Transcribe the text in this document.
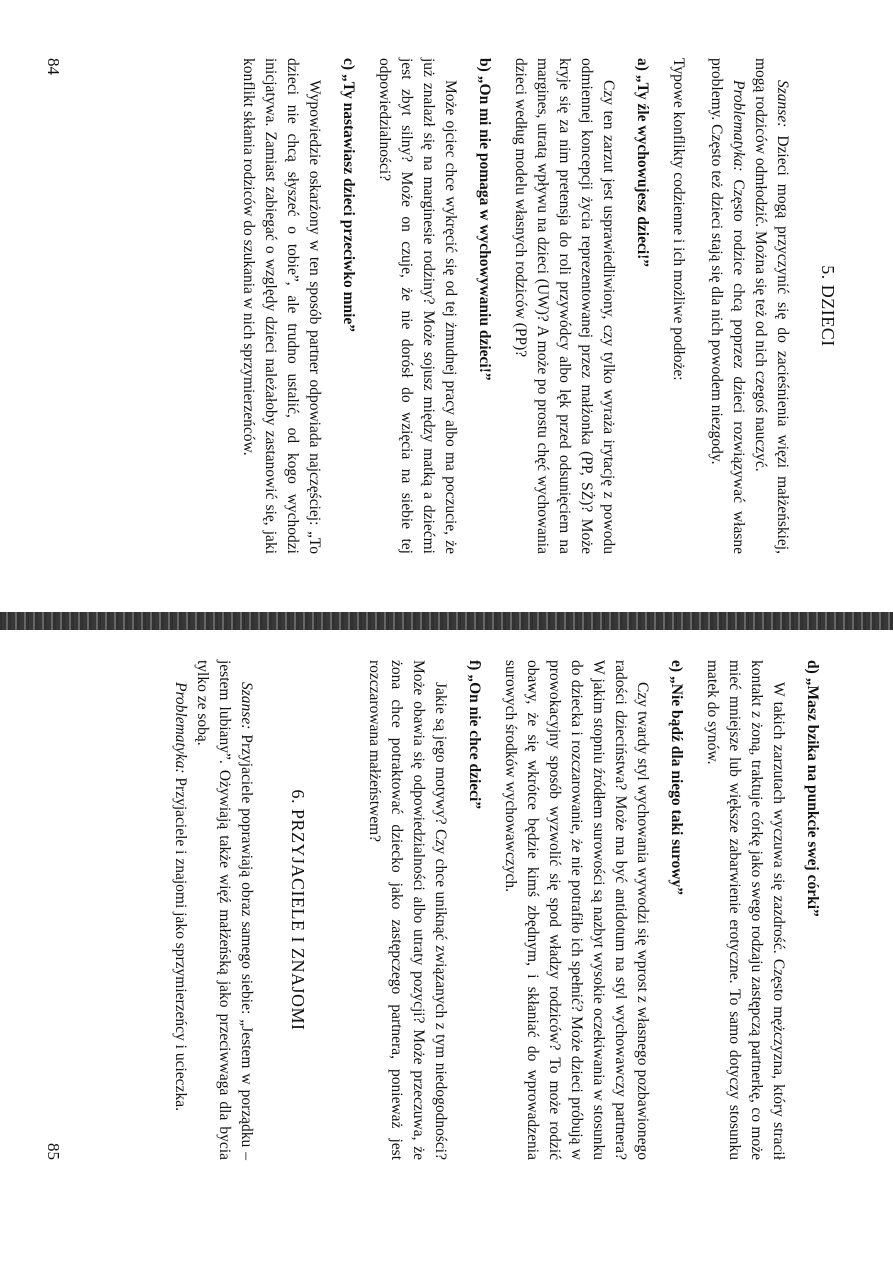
5. DZIECI

Szanse: Dzieci mogą przyczynić się do zacieśnienia więzi małżeńskiej, mogą rodziców odmłodzić. Można się też od nich czegoś nauczyć.

Problematyka: Często rodzice chcą poprzez dzieci rozwiązywać własne problemy. Często też dzieci stają się dla nich powodem niezgody.

Typowe konflikty codzienne i ich możliwe podłoże:

a)„Ty źle wychowujesz dzieci!”

Czy ten zarzut jest usprawiedliwiony, czy tylko wyraża irytację z powodu odmiennej koncepcji życia reprezentowanej przez małżonka (PP, SŻ)? Może kryje się za nim pretensja do roli przywódcy albo lęk przed odsunięciem na margines, utratą wpływu na dzieci (UW)? A może po prostu chęć wychowania dzieci według modelu własnych rodziców (PP)?

b)„On mi nie pomaga w wychowywaniu dzieci!”

Może ojciec chce wykręcić się od tej żmudnej pracy albo ma poczucie, że już znalazł się na marginesie rodziny? Może sojusz między matką a dziećmi jest zbyt silny? Może on czuje, że nie dorósł do wzięcia na siebie tej odpowiedzialności?

c)„Ty nastawiasz dzieci przeciwko mnie”

Wypowiedzie oskarżony w ten sposób partner odpowiada najczęściej: „To dzieci nie chcą słyszeć o tobie”, ale trudno ustalić, od kogo wychodzi inicjatywa. Zamiast zabiegać o względy dzieci należałoby zastanowić się, jaki konflikt skłania rodziców do szukania w nich sprzymierzeńców.

84
d)„Masz bzika na punkcie swej córki”

W takich zarzutach wyczuwa się zazdrość. Często mężczyzna, który stracił kontakt z żoną, traktuje córkę jako swego rodzaju zastępczą partnerkę, co może mieć mniejsze lub większe zabarwienie erotyczne. To samo dotyczy stosunku matek do synów.

e)„Nie bądź dla niego taki surowy”

Czy twardy styl wychowania wywodzi się wprost z własnego pozbawionego radości dzieciństwa? Może ma być antidotum na styl wychowawczy partnera? W jakim stopniu źródłem surowości są nazbyt wysokie oczekiwania w stosunku do dziecka i rozczarowanie, że nie potrafiło ich spełnić? Może dzieci próbują w prowokacyjny sposób wyzwolić się spod władzy rodziców? To może rodzić obawy, że się wkrótce będzie kimś zbędnym, i skłaniać do wprowadzenia surowych środków wychowawczych.

f)„On nie chce dzieci”

Jakie są jego motywy? Czy chce uniknąć związanych z tym niedogodności? Może obawia się odpowiedzialności albo utraty pozycji? Może przeczuwa, że żona chce potraktować dziecko jako zastępczego partnera, ponieważ jest rozczarowana małżeństwem?

6. PRZYJACIELE I ZNAJOMI

Szanse: Przyjaciele poprawiają obraz samego siebie: „Jestem w porządku – jestem lubiany”. Ożywiają także więź małżeńską jako przeciwwaga dla bycia tylko ze sobą.

Problematyka: Przyjaciele i znajomi jako sprzymierzeńcy i ucieczka.

85
